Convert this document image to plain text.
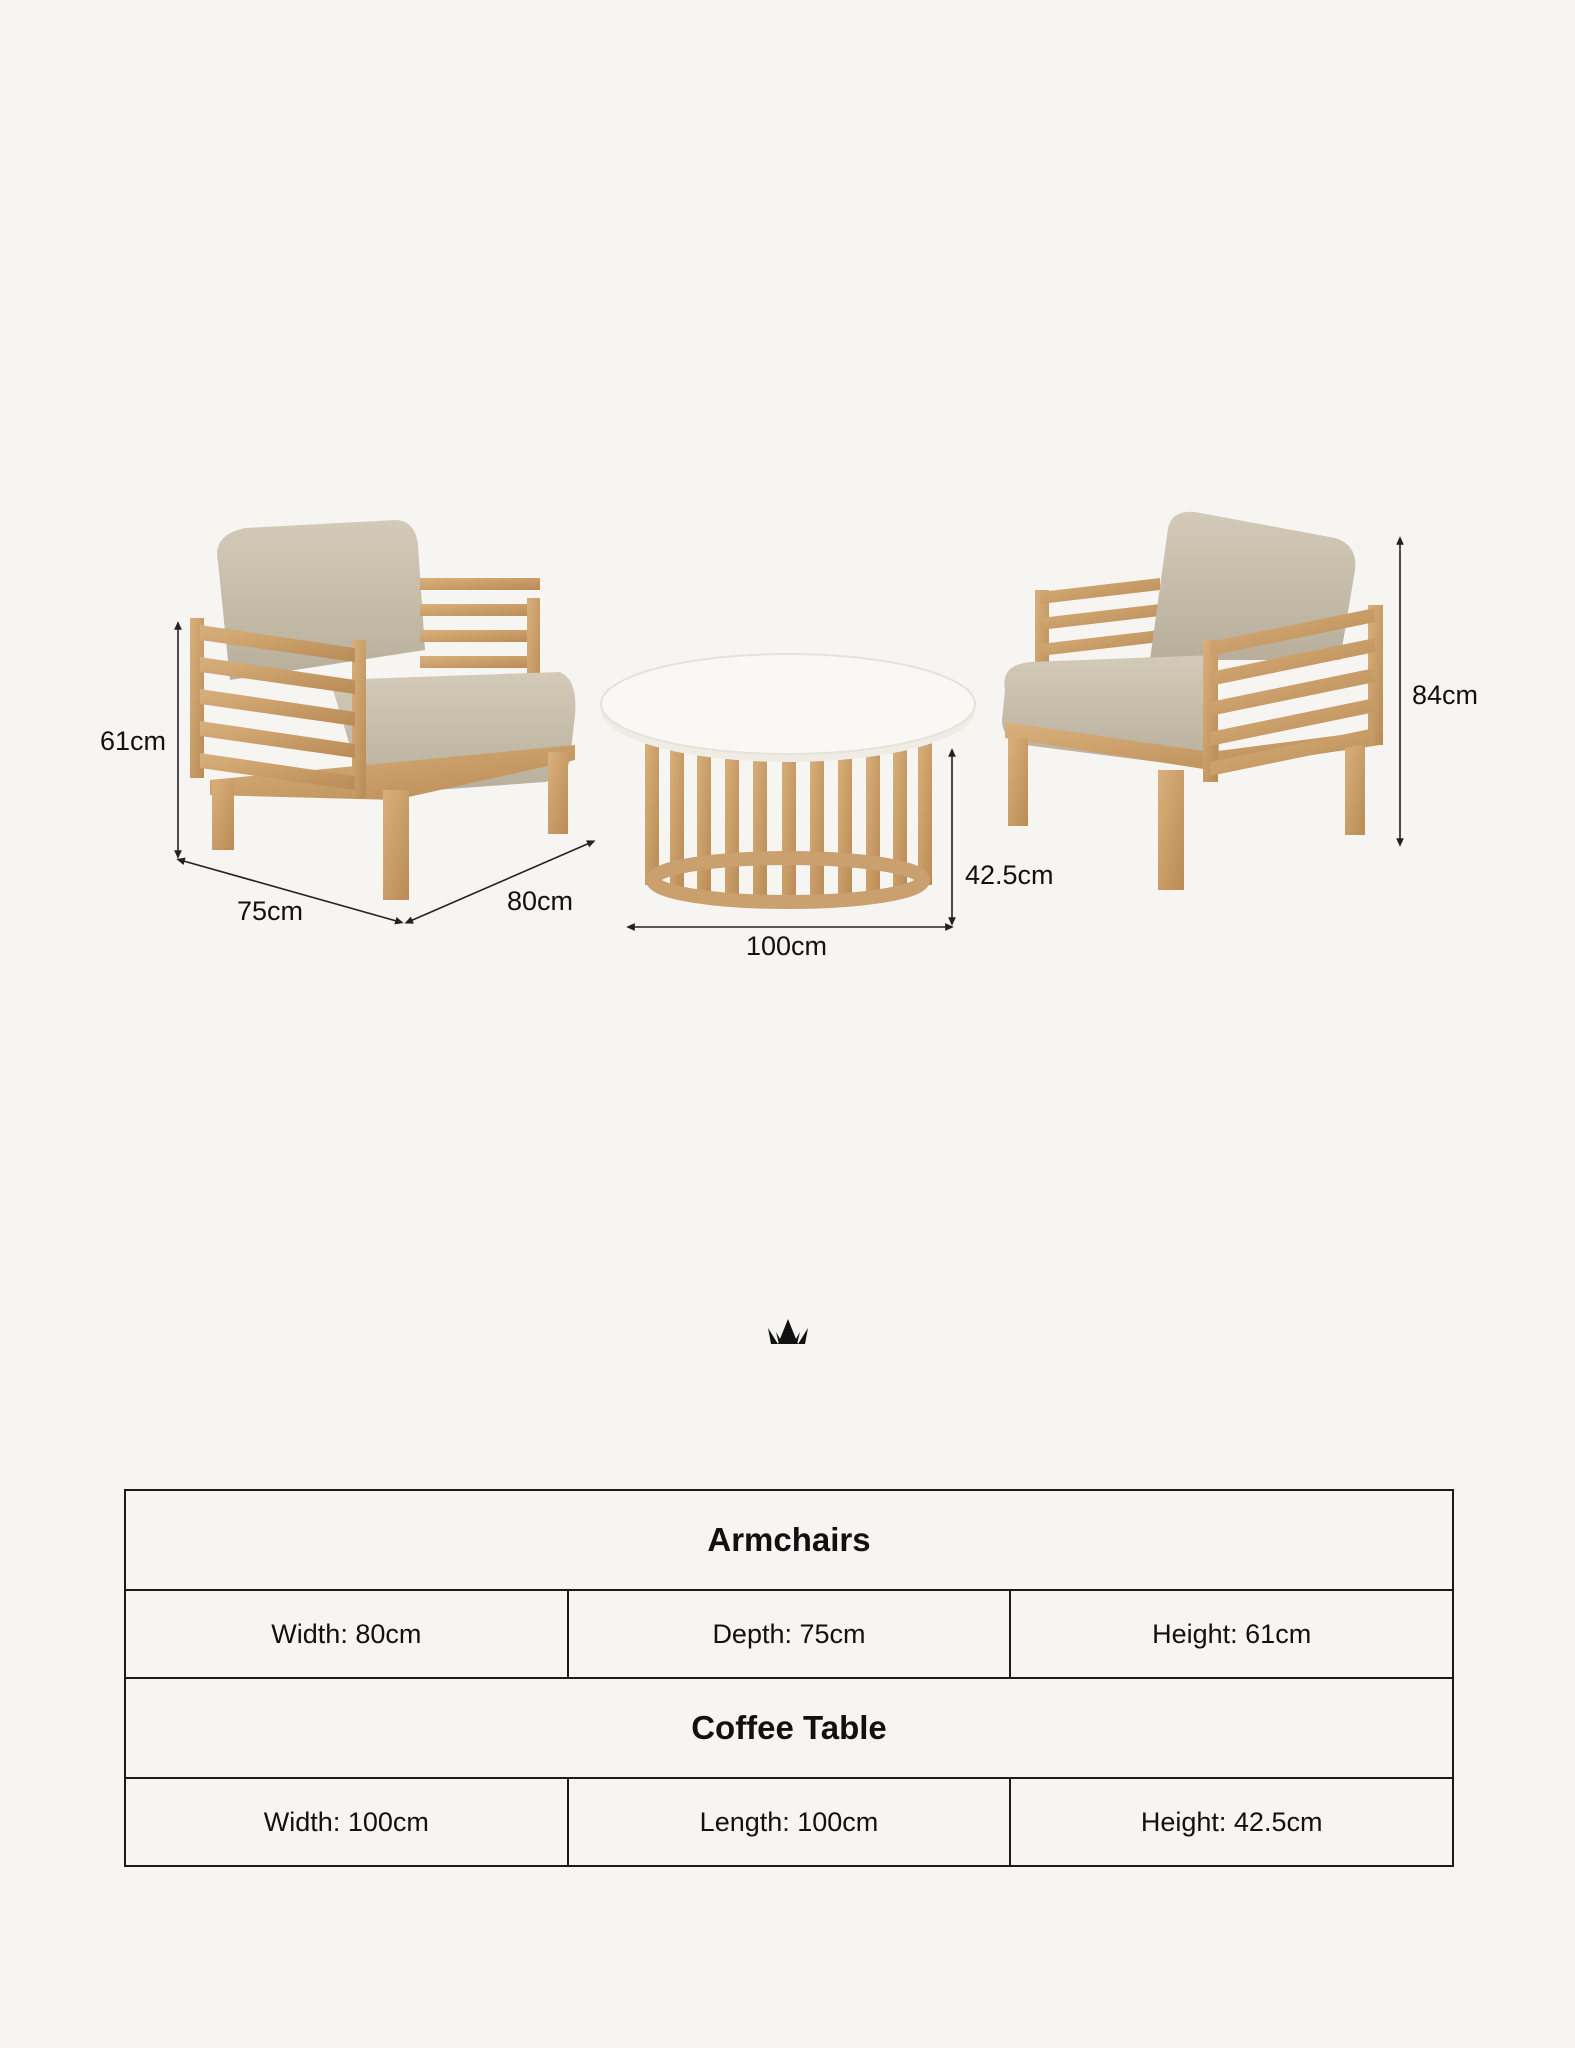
61cm
75cm	80cm
42.5cm
100cm
84cm
Armchairs		
Width: 80cm	Depth: 75cm	Height: 61cm
Coffee Table		
Width: 100cm	Length: 100cm	Height: 42.5cm
